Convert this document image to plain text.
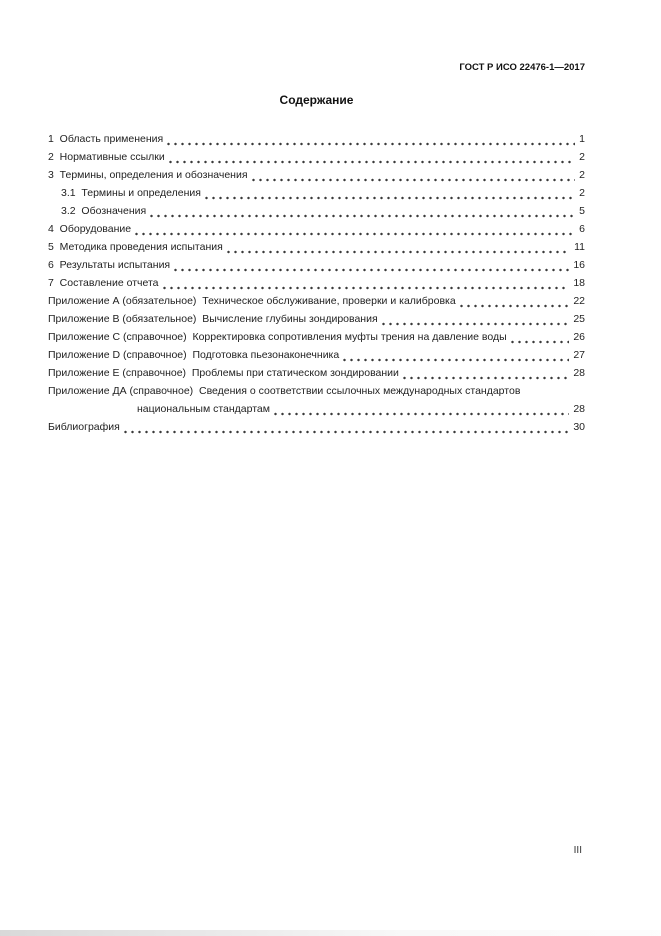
ГОСТ Р ИСО 22476-1—2017
Содержание
1  Область применения	1
2  Нормативные ссылки	2
3  Термины, определения и обозначения	2
3.1  Термины и определения	2
3.2  Обозначения	5
4  Оборудование	6
5  Методика проведения испытания	11
6  Результаты испытания	16
7  Составление отчета	18
Приложение А (обязательное)  Техническое обслуживание, проверки и калибровка	22
Приложение В (обязательное)  Вычисление глубины зондирования	25
Приложение С (справочное)  Корректировка сопротивления муфты трения на давление воды	26
Приложение D (справочное)  Подготовка пьезонаконечника	27
Приложение Е (справочное)  Проблемы при статическом зондировании	28
Приложение ДА (справочное)  Сведения о соответствии ссылочных международных стандартов
национальным стандартам	28
Библиография	30
III
